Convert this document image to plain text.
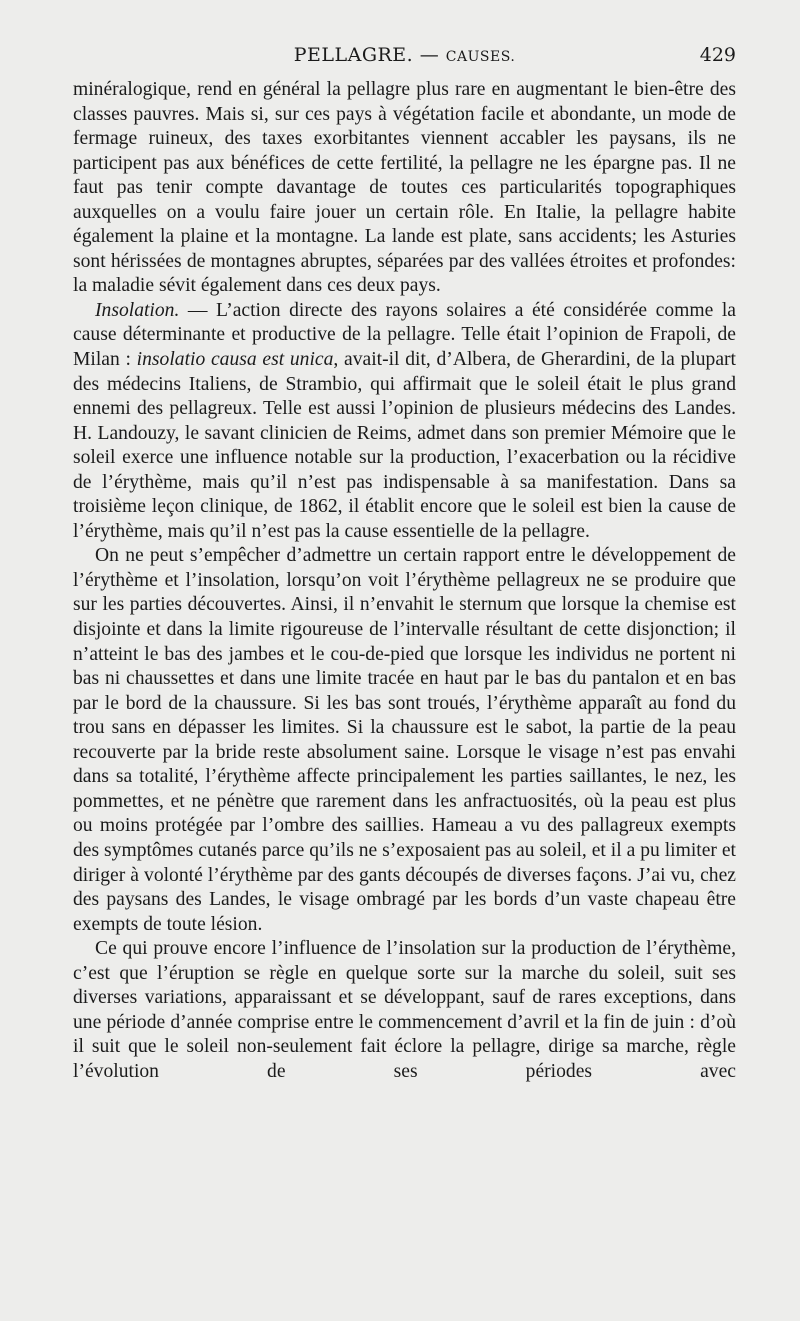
PELLAGRE. — CAUSES.	429

minéralogique, rend en général la pellagre plus rare en augmentant le bien-être des classes pauvres. Mais si, sur ces pays à végétation facile et abondante, un mode de fermage ruineux, des taxes exorbitantes viennent accabler les paysans, ils ne participent pas aux bénéfices de cette fertilité, la pellagre ne les épargne pas. Il ne faut pas tenir compte davantage de toutes ces particularités topographiques auxquelles on a voulu faire jouer un certain rôle. En Italie, la pellagre habite également la plaine et la montagne. La lande est plate, sans accidents; les Asturies sont hérissées de montagnes abruptes, séparées par des vallées étroites et profondes: la maladie sévit également dans ces deux pays.

Insolation. — L’action directe des rayons solaires a été considérée comme la cause déterminante et productive de la pellagre. Telle était l’opinion de Frapoli, de Milan : insolatio causa est unica, avait-il dit, d’Albera, de Gherardini, de la plupart des médecins Italiens, de Strambio, qui affirmait que le soleil était le plus grand ennemi des pellagreux. Telle est aussi l’opinion de plusieurs médecins des Landes. H. Landouzy, le savant clinicien de Reims, admet dans son premier Mémoire que le soleil exerce une influence notable sur la production, l’exacerbation ou la récidive de l’érythème, mais qu’il n’est pas indispensable à sa manifestation. Dans sa troisième leçon clinique, de 1862, il établit encore que le soleil est bien la cause de l’érythème, mais qu’il n’est pas la cause essentielle de la pellagre.

On ne peut s’empêcher d’admettre un certain rapport entre le développement de l’érythème et l’insolation, lorsqu’on voit l’érythème pellagreux ne se produire que sur les parties découvertes. Ainsi, il n’envahit le sternum que lorsque la chemise est disjointe et dans la limite rigoureuse de l’intervalle résultant de cette disjonction; il n’atteint le bas des jambes et le cou-de-pied que lorsque les individus ne portent ni bas ni chaussettes et dans une limite tracée en haut par le bas du pantalon et en bas par le bord de la chaussure. Si les bas sont troués, l’érythème apparaît au fond du trou sans en dépasser les limites. Si la chaussure est le sabot, la partie de la peau recouverte par la bride reste absolument saine. Lorsque le visage n’est pas envahi dans sa totalité, l’érythème affecte principalement les parties saillantes, le nez, les pommettes, et ne pénètre que rarement dans les anfractuosités, où la peau est plus ou moins protégée par l’ombre des saillies. Hameau a vu des pallagreux exempts des symptômes cutanés parce qu’ils ne s’exposaient pas au soleil, et il a pu limiter et diriger à volonté l’érythème par des gants découpés de diverses façons. J’ai vu, chez des paysans des Landes, le visage ombragé par les bords d’un vaste chapeau être exempts de toute lésion.

Ce qui prouve encore l’influence de l’insolation sur la production de l’érythème, c’est que l’éruption se règle en quelque sorte sur la marche du soleil, suit ses diverses variations, apparaissant et se développant, sauf de rares exceptions, dans une période d’année comprise entre le commencement d’avril et la fin de juin : d’où il suit que le soleil non-seulement fait éclore la pellagre, dirige sa marche, règle l’évolution de ses périodes avec
